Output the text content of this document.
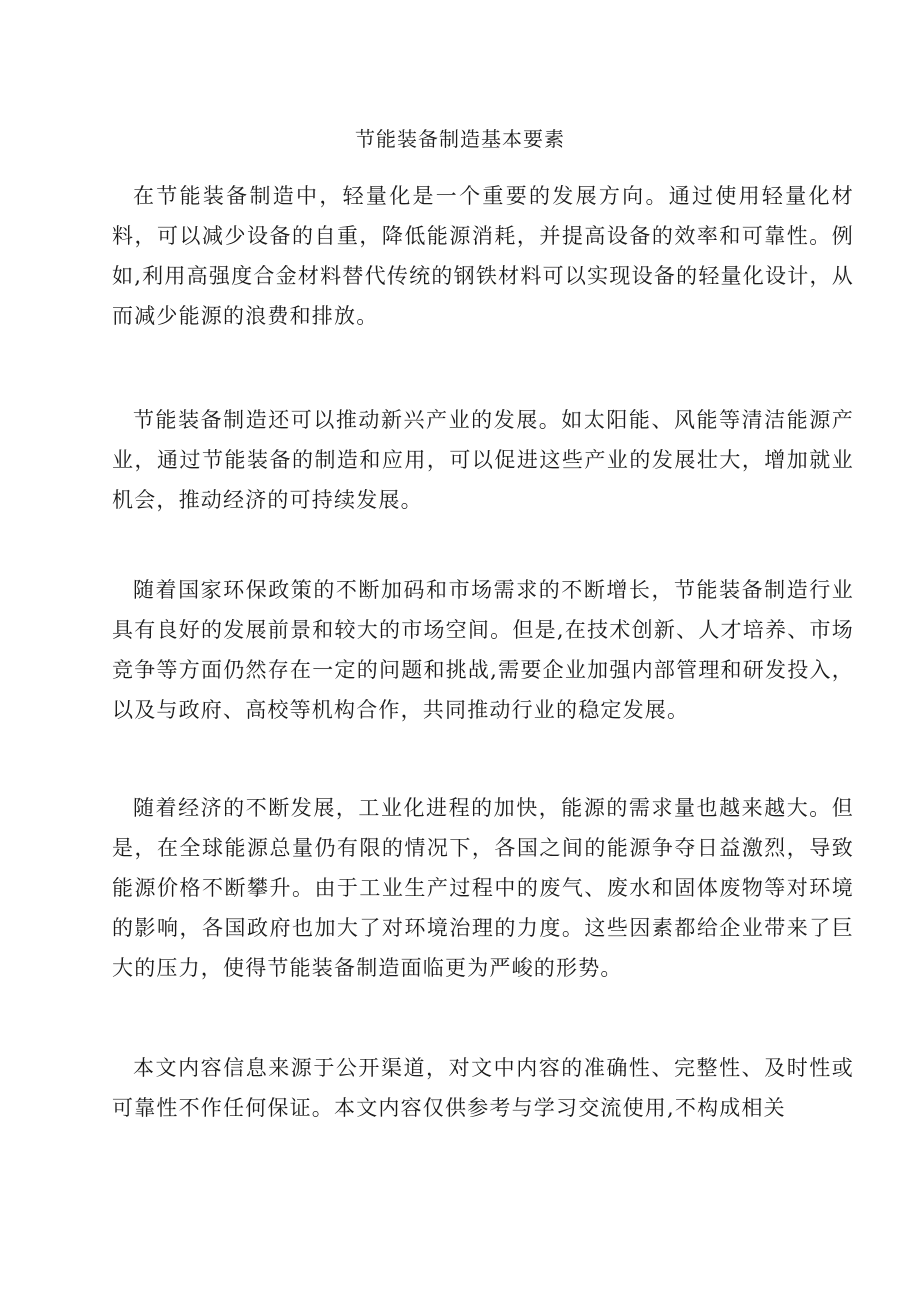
节能装备制造基本要素

在节能装备制造中，轻量化是一个重要的发展方向。通过使用轻量化材料，可以减少设备的自重，降低能源消耗，并提高设备的效率和可靠性。例如,利用高强度合金材料替代传统的钢铁材料可以实现设备的轻量化设计，从而减少能源的浪费和排放。

节能装备制造还可以推动新兴产业的发展。如太阳能、风能等清洁能源产业，通过节能装备的制造和应用，可以促进这些产业的发展壮大，增加就业机会，推动经济的可持续发展。

随着国家环保政策的不断加码和市场需求的不断增长，节能装备制造行业具有良好的发展前景和较大的市场空间。但是,在技术创新、人才培养、市场竞争等方面仍然存在一定的问题和挑战,需要企业加强内部管理和研发投入，以及与政府、高校等机构合作，共同推动行业的稳定发展。

随着经济的不断发展，工业化进程的加快，能源的需求量也越来越大。但是，在全球能源总量仍有限的情况下，各国之间的能源争夺日益激烈，导致能源价格不断攀升。由于工业生产过程中的废气、废水和固体废物等对环境的影响，各国政府也加大了对环境治理的力度。这些因素都给企业带来了巨大的压力，使得节能装备制造面临更为严峻的形势。

本文内容信息来源于公开渠道，对文中内容的准确性、完整性、及时性或可靠性不作任何保证。本文内容仅供参考与学习交流使用,不构成相关
